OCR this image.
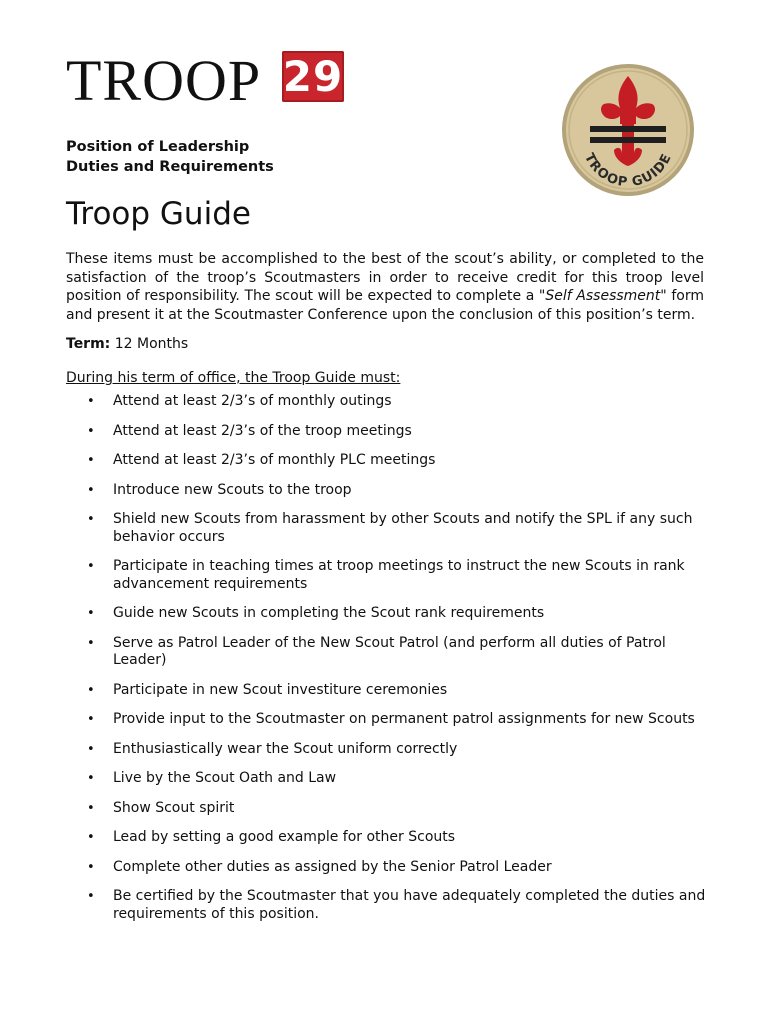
TROOP 29
Position of Leadership
Duties and Requirements
TROOP GUIDE
Troop Guide
These items must be accomplished to the best of the scout’s ability, or completed to the satisfaction of the troop’s Scoutmasters in order to receive credit for this troop level position of responsibility. The scout will be expected to complete a "Self Assessment" form and present it at the Scoutmaster Conference upon the conclusion of this position’s term.
Term: 12 Months
During his term of office, the Troop Guide must:
• Attend at least 2/3’s of monthly outings
• Attend at least 2/3’s of the troop meetings
• Attend at least 2/3’s of monthly PLC meetings
• Introduce new Scouts to the troop
• Shield new Scouts from harassment by other Scouts and notify the SPL if any such behavior occurs
• Participate in teaching times at troop meetings to instruct the new Scouts in rank advancement requirements
• Guide new Scouts in completing the Scout rank requirements
• Serve as Patrol Leader of the New Scout Patrol (and perform all duties of Patrol Leader)
• Participate in new Scout investiture ceremonies
• Provide input to the Scoutmaster on permanent patrol assignments for new Scouts
• Enthusiastically wear the Scout uniform correctly
• Live by the Scout Oath and Law
• Show Scout spirit
• Lead by setting a good example for other Scouts
• Complete other duties as assigned by the Senior Patrol Leader
• Be certified by the Scoutmaster that you have adequately completed the duties and requirements of this position.
